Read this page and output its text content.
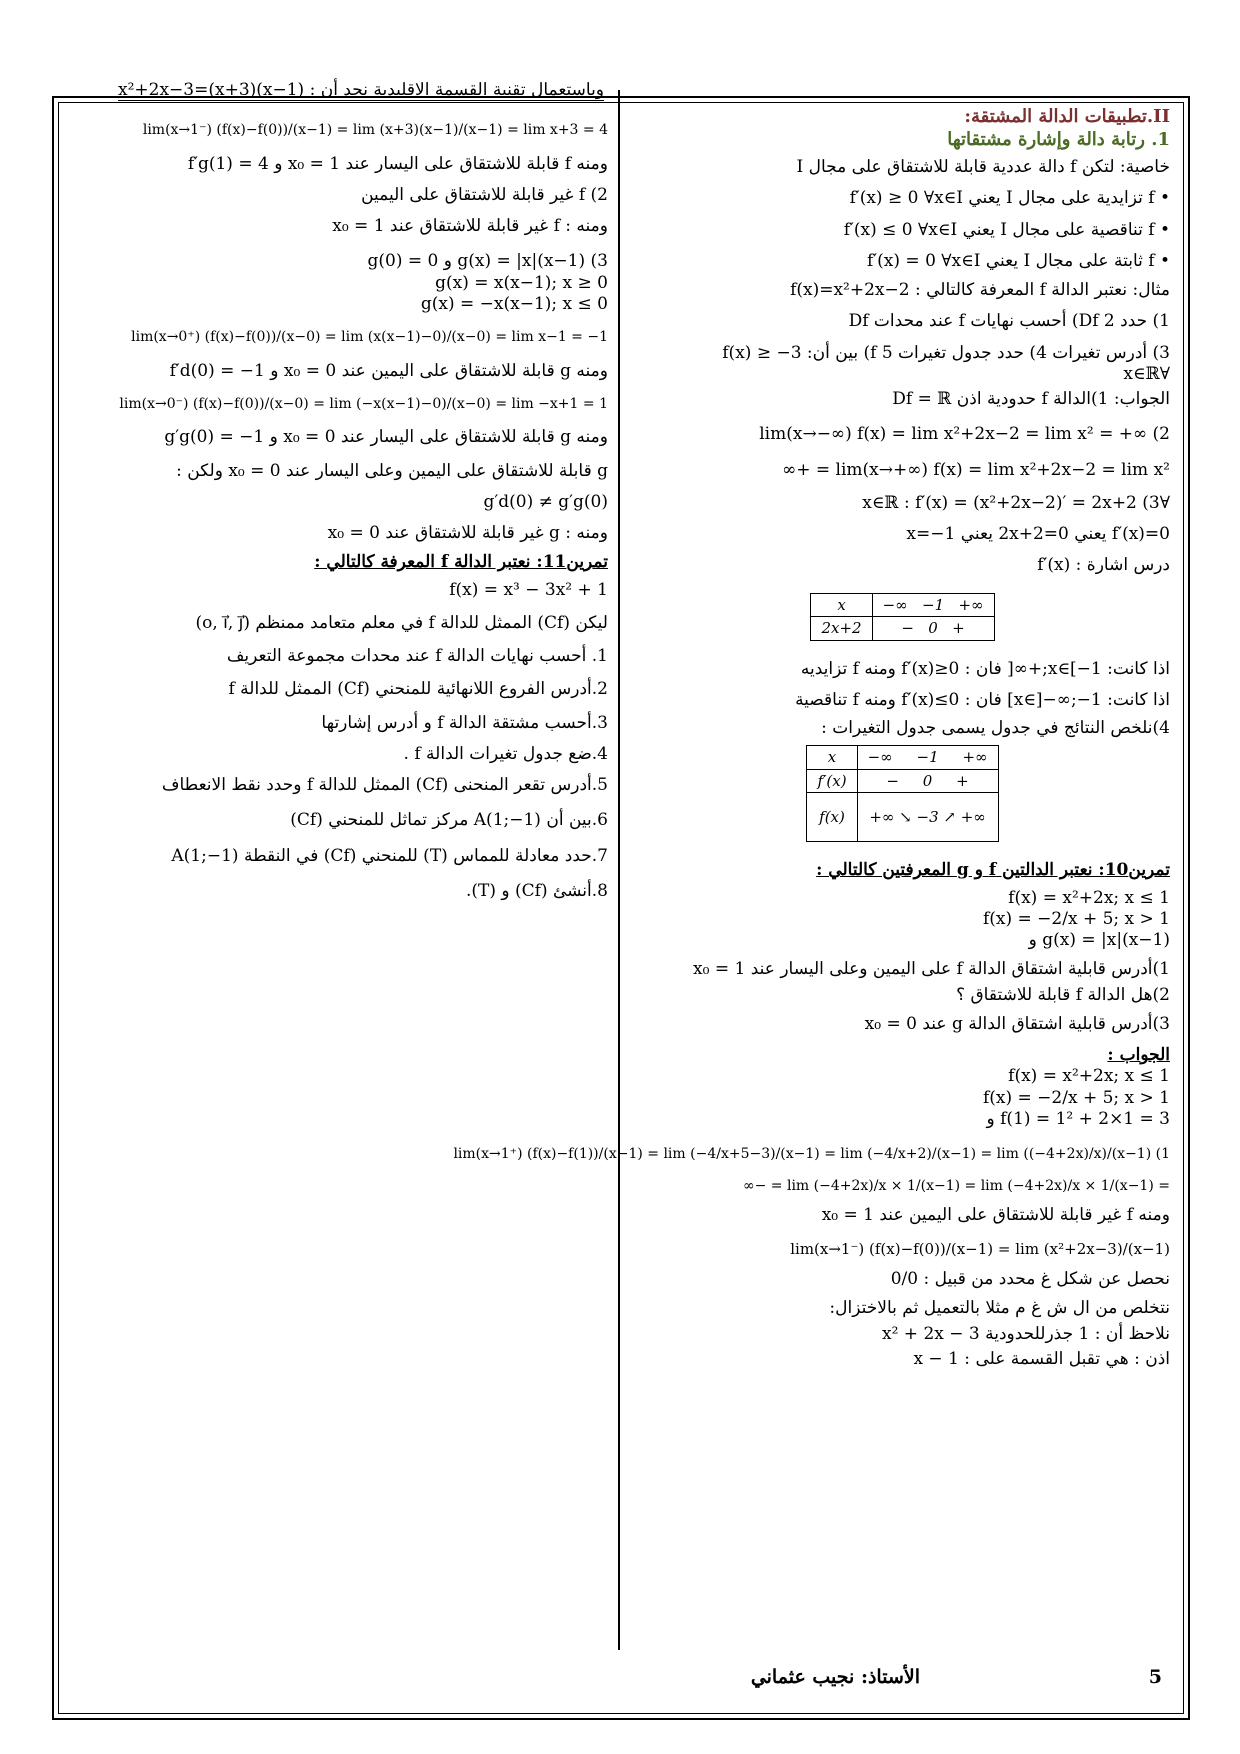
وباستعمال تقنية القسمة الاقليدية نجد أن : x²+2x−3=(x+3)(x−1)
II.تطبيقات الدالة المشتقة:
1. رتابة دالة وإشارة مشتقاتها
خاصية: لتكن f دالة عددية قابلة للاشتقاق على مجال I
• f تزايدية على مجال I يعني f′(x) ≥ 0 ∀x∈I
• f تناقصية على مجال I يعني f′(x) ≤ 0 ∀x∈I
• f ثابتة على مجال I يعني f′(x) = 0 ∀x∈I
مثال: نعتبر الدالة f المعرفة كالتالي : f(x)=x²+2x−2
1) حدد Df 2) أحسب نهايات f عند محدات Df
3) أدرس تغيرات 4) حدد جدول تغيرات f 5) بين أن: f(x) ≥ −3
∀x∈ℝ
الجواب: 1)الدالة f حدودية اذن Df = ℝ
lim(x→−∞) f(x) = lim x²+2x−2 = lim x² = +∞ (2
lim(x→+∞) f(x) = lim x²+2x−2 = lim x² = +∞
∀x∈ℝ : f′(x) = (x²+2x−2)′ = 2x+2 (3
f′(x)=0 يعني 2x+2=0 يعني x=−1
درس اشارة : f′(x)
x	−∞ −1 +∞
2x+2	− 0 +
اذا كانت: x∈[−1;+∞[ فان : f′(x)≥0 ومنه f تزايديه
اذا كانت: x∈]−∞;−1] فان : f′(x)≤0 ومنه f تناقصية
4)نلخص النتائج في جدول يسمى جدول التغيرات :
x	−∞ −1 +∞
f′(x)	− 0 +
f(x)	+∞ ↘ −3 ↗ +∞
تمرين10: نعتبر الدالتين f و g المعرفتين كالتالي :
f(x) = x²+2x; x ≤ 1
f(x) = −2/x + 5; x > 1
g(x) = |x|(x−1) و
1)أدرس قابلية اشتقاق الدالة f على اليمين وعلى اليسار عند x₀ = 1
2)هل الدالة f قابلة للاشتقاق ؟
3)أدرس قابلية اشتقاق الدالة g عند x₀ = 0
الجواب :
f(x) = x²+2x; x ≤ 1
f(x) = −2/x + 5; x > 1
f(1) = 1² + 2×1 = 3 و
lim(x→1⁺) (f(x)−f(1))/(x−1) = lim (−4/x+5−3)/(x−1) = lim (−4/x+2)/(x−1) = lim ((−4+2x)/x)/(x−1) (1
= lim (−4+2x)/x × 1/(x−1) = lim (−4+2x)/x × 1/(x−1) = −∞
ومنه f غير قابلة للاشتقاق على اليمين عند x₀ = 1
lim(x→1⁻) (f(x)−f(0))/(x−1) = lim (x²+2x−3)/(x−1)
نحصل عن شكل غ محدد من قبيل : 0/0
نتخلص من ال ش غ م مثلا بالتعميل ثم بالاختزال:
نلاحظ أن : 1 جذرللحدودية x² + 2x − 3
اذن : هي تقبل القسمة على : x − 1
lim(x→1⁻) (f(x)−f(0))/(x−1) = lim (x+3)(x−1)/(x−1) = lim x+3 = 4
ومنه f قابلة للاشتقاق على اليسار عند 1 = x₀ و f′g(1) = 4
2) f غير قابلة للاشتقاق على اليمين
ومنه : f غير قابلة للاشتقاق عند x₀ = 1
3) g(x) = |x|(x−1) و g(0) = 0
g(x) = x(x−1); x ≥ 0
g(x) = −x(x−1); x ≤ 0
lim(x→0⁺) (f(x)−f(0))/(x−0) = lim (x(x−1)−0)/(x−0) = lim x−1 = −1
ومنه g قابلة للاشتقاق على اليمين عند 0 = x₀ و f′d(0) = −1
lim(x→0⁻) (f(x)−f(0))/(x−0) = lim (−x(x−1)−0)/(x−0) = lim −x+1 = 1
ومنه g قابلة للاشتقاق على اليسار عند 0 = x₀ و g′g(0) = −1
g قابلة للاشتقاق على اليمين وعلى اليسار عند 0 = x₀ ولكن :
g′d(0) ≠ g′g(0)
ومنه : g غير قابلة للاشتقاق عند x₀ = 0
تمرين11: نعتبر الدالة f المعرفة كالتالي :
f(x) = x³ − 3x² + 1
ليكن (Cf) الممثل للدالة f في معلم متعامد ممنظم (o, i⃗, j⃗)
1. أحسب نهايات الدالة f عند محدات مجموعة التعريف
2.أدرس الفروع اللانهائية للمنحني (Cf) الممثل للدالة f
3.أحسب مشتقة الدالة f و أدرس إشارتها
4.ضع جدول تغيرات الدالة f .
5.أدرس تقعر المنحنى (Cf) الممثل للدالة f وحدد نقط الانعطاف
6.بين أن A(1;−1) مركز تماثل للمنحني (Cf)
7.حدد معادلة للمماس (T) للمنحني (Cf) في النقطة A(1;−1)
8.أنشئ (Cf) و (T).
5
الأستاذ: نجيب عثماني
